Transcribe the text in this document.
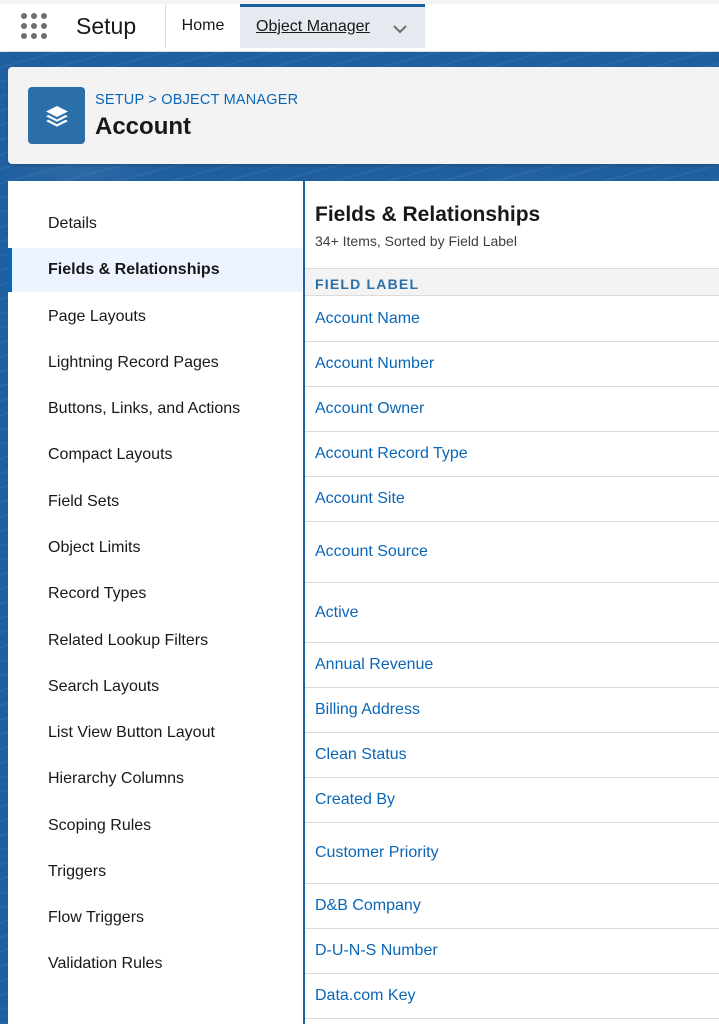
Setup	Home Object Manager
SETUP > OBJECT MANAGER
Account
Details
Fields & Relationships
Page Layouts
Lightning Record Pages
Buttons, Links, and Actions
Compact Layouts
Field Sets
Object Limits
Record Types
Related Lookup Filters
Search Layouts
List View Button Layout
Hierarchy Columns
Scoping Rules
Triggers
Flow Triggers
Validation Rules
Fields & Relationships
34+ Items, Sorted by Field Label
FIELD LABEL
Account Name
Account Number
Account Owner
Account Record Type
Account Site
Account Source
Active
Annual Revenue
Billing Address
Clean Status
Created By
Customer Priority
D&B Company
D-U-N-S Number
Data.com Key
